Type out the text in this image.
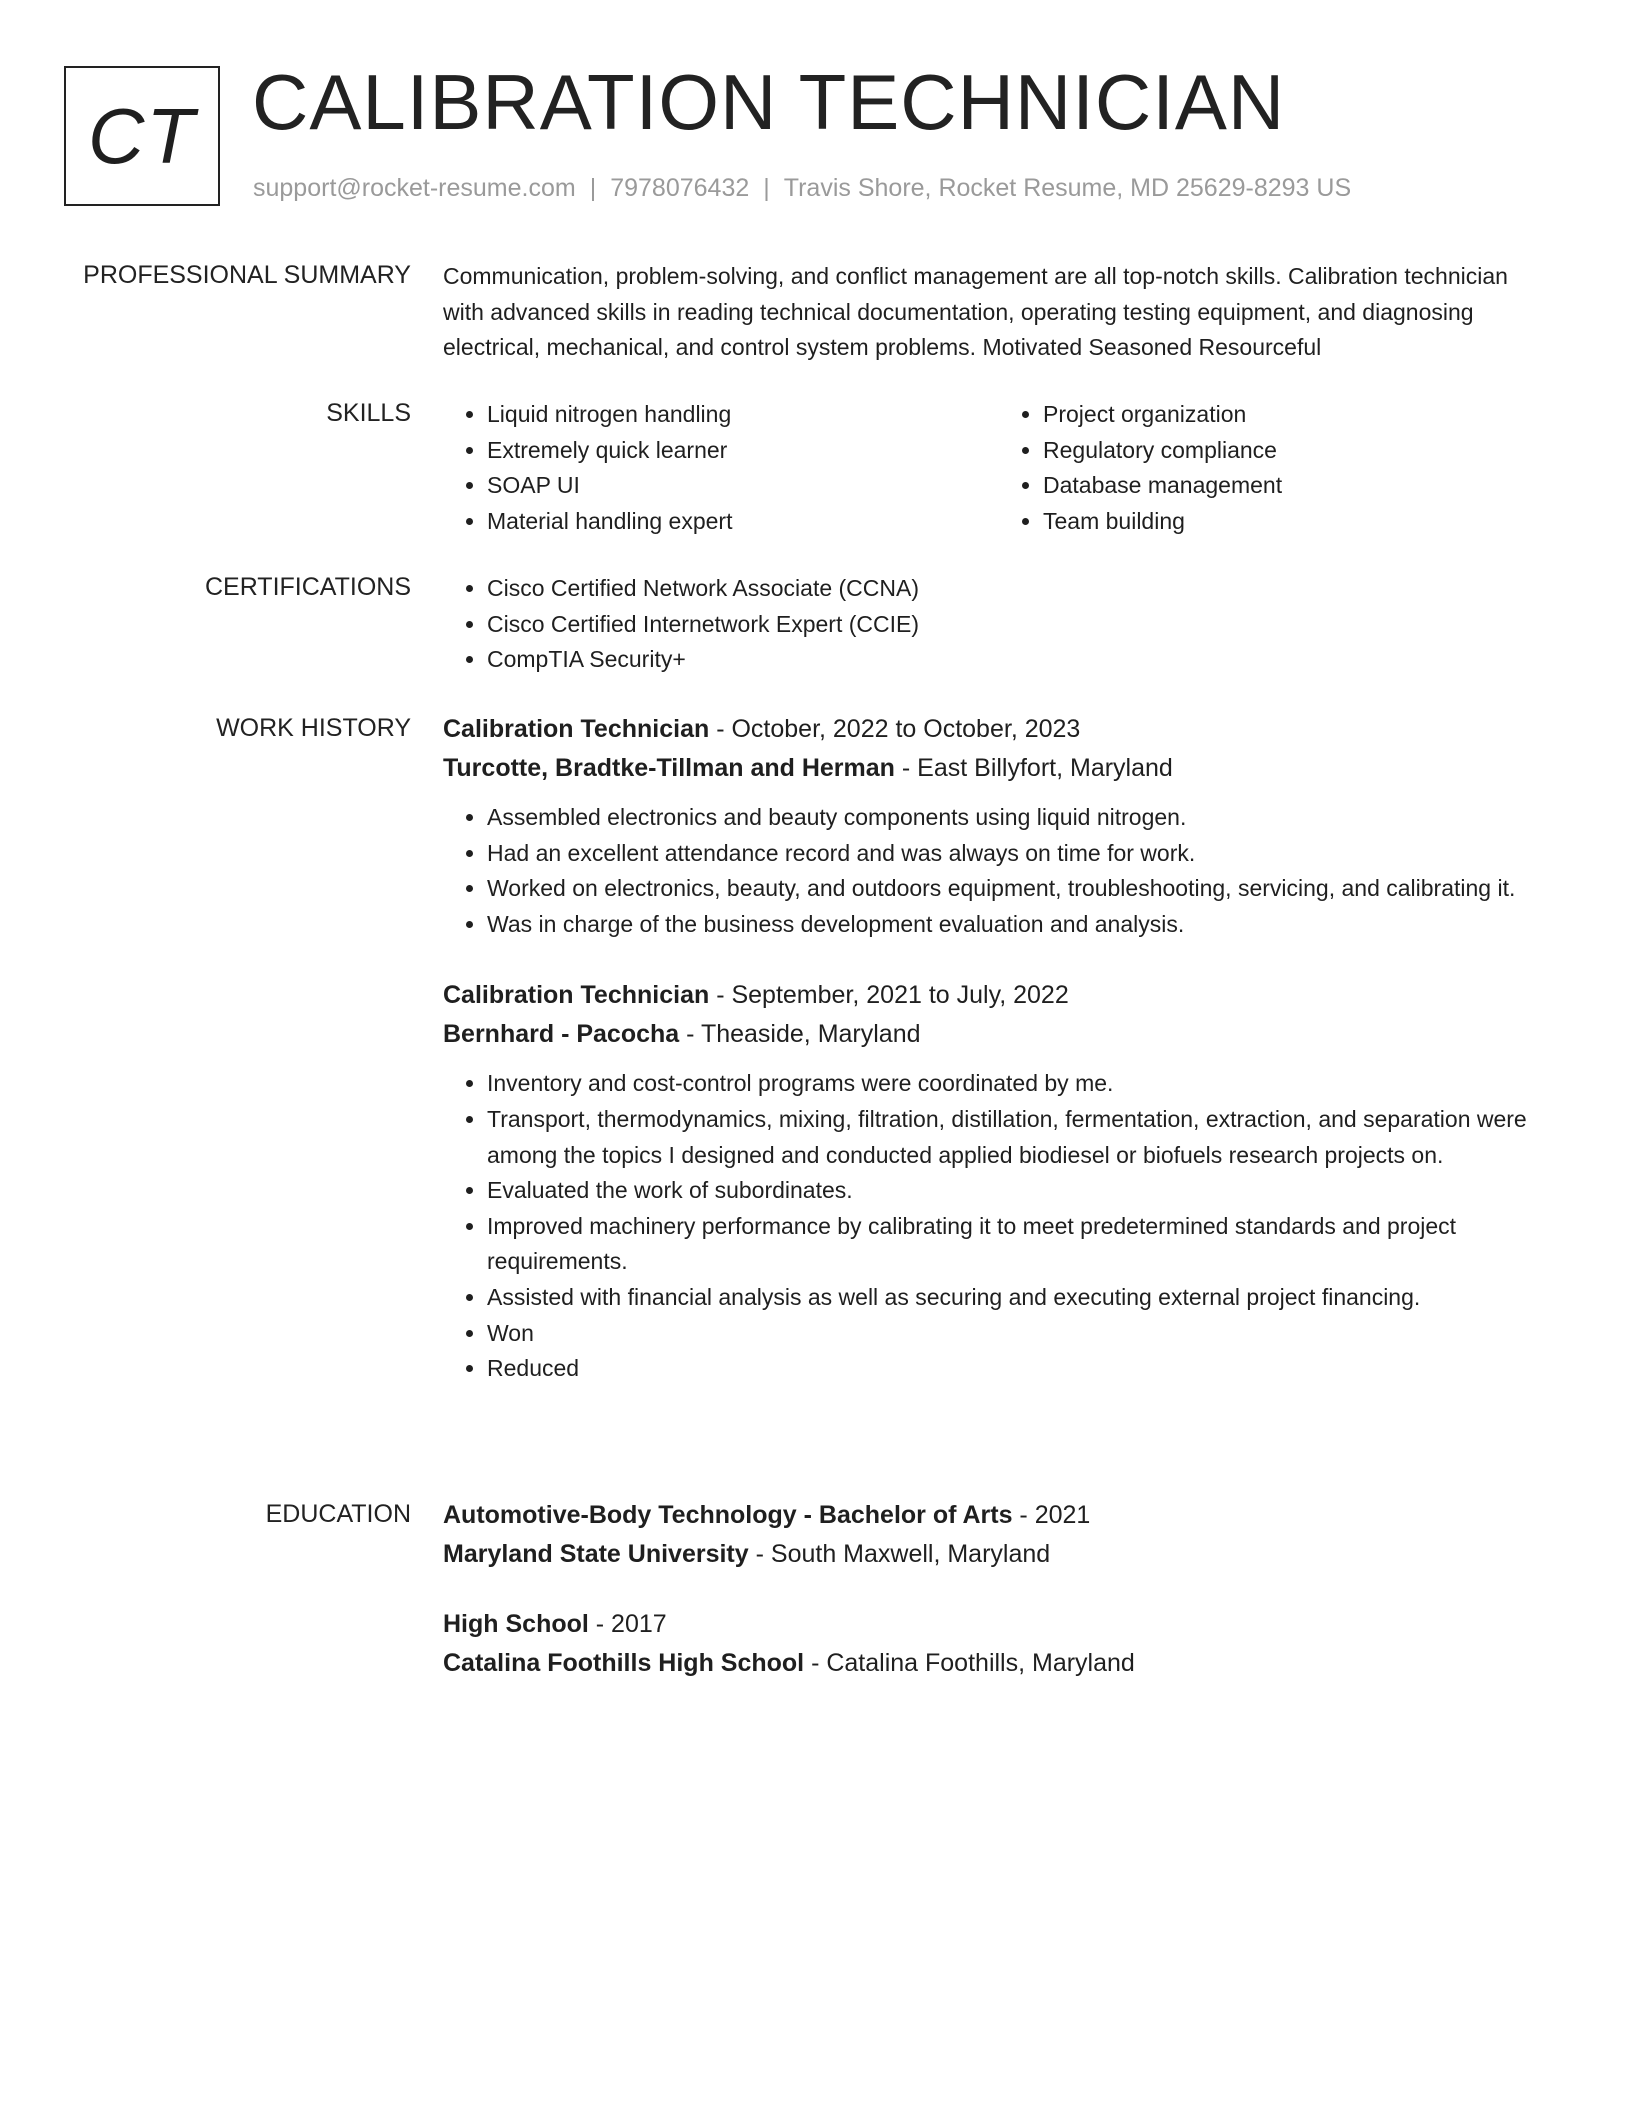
CT CALIBRATION TECHNICIAN
support@rocket-resume.com | 7978076432 | Travis Shore, Rocket Resume, MD 25629-8293 US
PROFESSIONAL SUMMARY Communication, problem-solving, and conflict management are all top-notch skills. Calibration technician with advanced skills in reading technical documentation, operating testing equipment, and diagnosing electrical, mechanical, and control system problems. Motivated Seasoned Resourceful
SKILLS	• Liquid nitrogen handling
• Extremely quick learner
• SOAP UI
• Material handling expert
• Project organization
• Regulatory compliance
• Database management
• Team building
CERTIFICATIONS	• Cisco Certified Network Associate (CCNA)
• Cisco Certified Internetwork Expert (CCIE)
• CompTIA Security+
WORK HISTORY Calibration Technician - October, 2022 to October, 2023
Turcotte, Bradtke-Tillman and Herman - East Billyfort, Maryland
• Assembled electronics and beauty components using liquid nitrogen.
• Had an excellent attendance record and was always on time for work.
• Worked on electronics, beauty, and outdoors equipment, troubleshooting, servicing, and calibrating it.
• Was in charge of the business development evaluation and analysis.
Calibration Technician - September, 2021 to July, 2022
Bernhard - Pacocha - Theaside, Maryland
• Inventory and cost-control programs were coordinated by me.
• Transport, thermodynamics, mixing, filtration, distillation, fermentation, extraction, and separation were among the topics I designed and conducted applied biodiesel or biofuels research projects on.
• Evaluated the work of subordinates.
• Improved machinery performance by calibrating it to meet predetermined standards and project requirements.
• Assisted with financial analysis as well as securing and executing external project financing.
• Won
• Reduced
EDUCATION Automotive-Body Technology - Bachelor of Arts - 2021
Maryland State University - South Maxwell, Maryland
High School - 2017
Catalina Foothills High School - Catalina Foothills, Maryland
